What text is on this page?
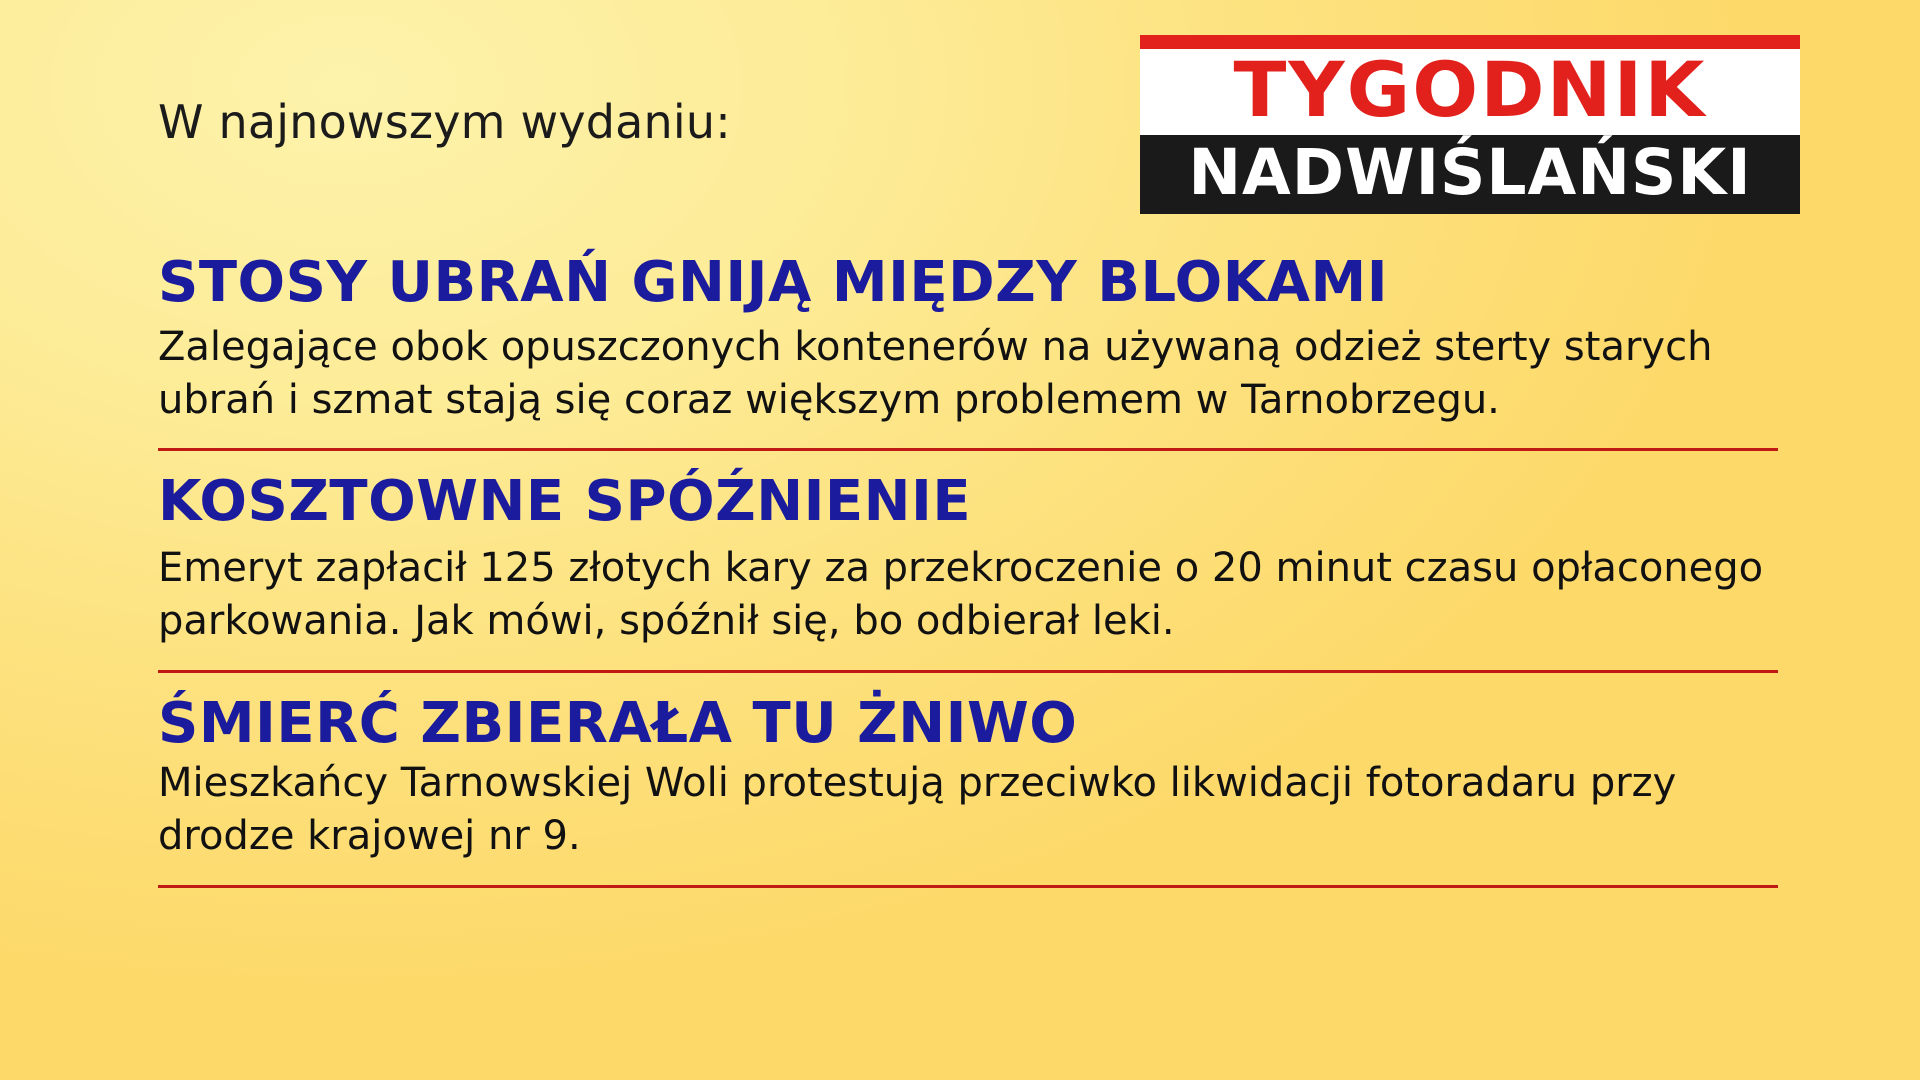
W najnowszym wydaniu:	TYGODNIK
NADWIŚLAŃSKI
STOSY UBRAŃ GNIJĄ MIĘDZY BLOKAMI

Zalegające obok opuszczonych kontenerów na używaną odzież sterty starych ubrań i szmat stają się coraz większym problemem w Tarnobrzegu.

KOSZTOWNE SPÓŹNIENIE

Emeryt zapłacił 125 złotych kary za przekroczenie o 20 minut czasu opłaconego parkowania. Jak mówi, spóźnił się, bo odbierał leki.

ŚMIERĆ ZBIERAŁA TU ŻNIWO

Mieszkańcy Tarnowskiej Woli protestują przeciwko likwidacji fotoradaru przy drodze krajowej nr 9.
